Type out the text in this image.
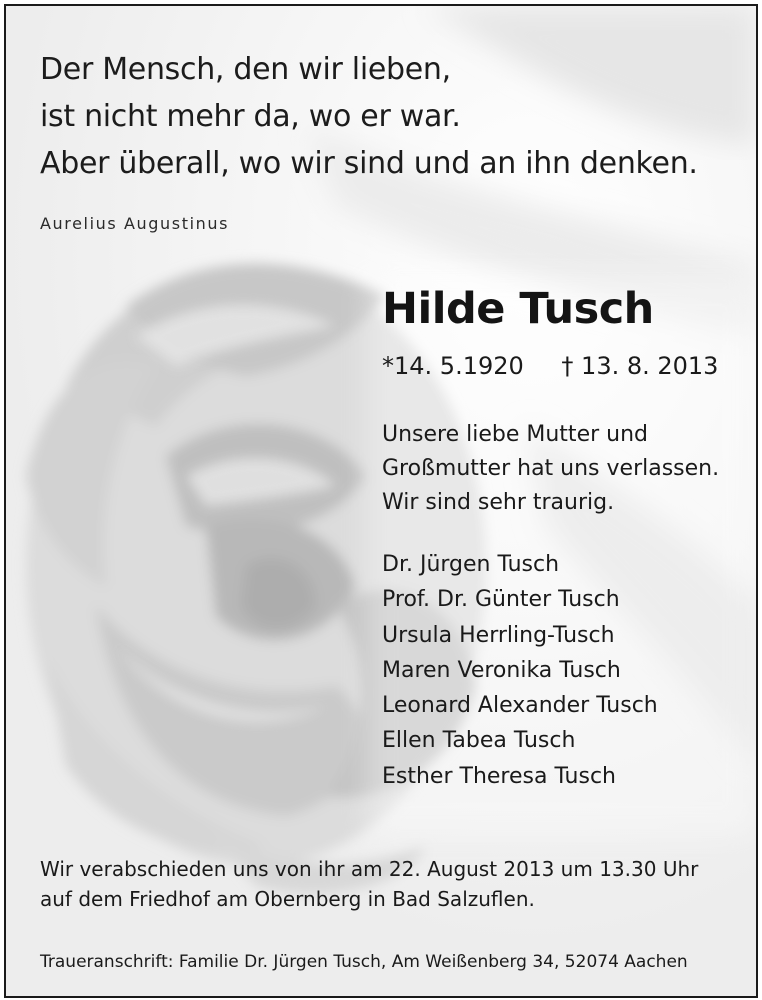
Der Mensch, den wir lieben,
ist nicht mehr da, wo er war.
Aber überall, wo wir sind und an ihn denken.

Aurelius Augustinus
Hilde Tusch
*14. 5.1920 † 13. 8. 2013
Unsere liebe Mutter und
Großmutter hat uns verlassen.
Wir sind sehr traurig.
Dr. Jürgen Tusch
Prof. Dr. Günter Tusch
Ursula Herrling-Tusch
Maren Veronika Tusch
Leonard Alexander Tusch
Ellen Tabea Tusch
Esther Theresa Tusch
Wir verabschieden uns von ihr am 22. August 2013 um 13.30 Uhr
auf dem Friedhof am Obernberg in Bad Salzuflen.
Traueranschrift: Familie Dr. Jürgen Tusch, Am Weißenberg 34, 52074 Aachen
